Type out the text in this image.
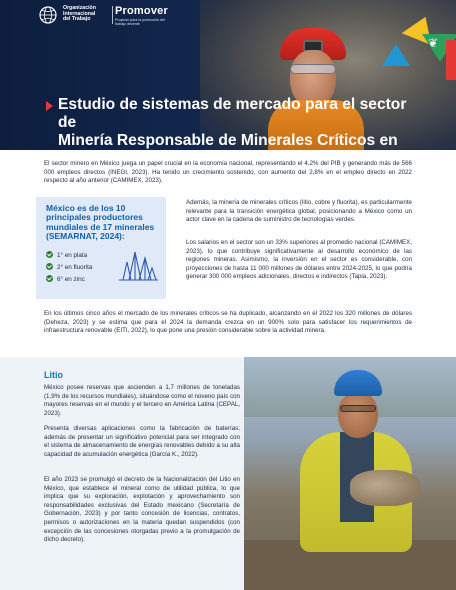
❦
Organización
Internacional
del Trabajo
Promover
Proyecto para la promoción del trabajo decente
Estudio de sistemas de mercado para el sector de
Minería Responsable de Minerales Críticos en
El sector minero en México juega un papel crucial en la economía nacional, representando el 4,2% del PIB y generando más de 566 000 empleos directos (INEGI, 2023). Ha tenido un crecimiento sostenido, con aumento del 2,8% en el empleo directo en 2022 respecto al año anterior (CAMIMEX, 2023).
México es de los 10 principales productores mundiales de 17 minerales (SEMARNAT, 2024):
1° en plata
2° en fluorita
6° en zinc
Además, la minería de minerales críticos (litio, cobre y fluorita), es particularmente relevante para la transición energética global, posicionando a México como un actor clave en la cadena de suministro de tecnologías verdes.
Los salarios en el sector son un 33% superiores al promedio nacional (CAMIMEX, 2023), lo que contribuye significativamente al desarrollo económico de las regiones mineras. Asimismo, la inversión en el sector es considerable, con proyecciones de hasta 11 000 millones de dólares entre 2024-2025, lo que podría generar 300 000 empleos adicionales, directos e indirectos (Tapia, 2023).
En los últimos cinco años el mercado de los minerales críticos se ha duplicado, alcanzando en el 2022 los 320 millones de dólares (Deheza, 2023) y se estima que para el 2024 la demanda crezca en un 900% solo para satisfacer los requerimientos de infraestructura renovable (EITI, 2022), lo que pone una presión considerable sobre la actividad minera.
Litio
México posee reservas que ascienden a 1,7 millones de toneladas (1,9% de los recursos mundiales), situándose como el noveno país con mayores reservas en el mundo y el tercero en América Latina (CEPAL, 2023).
Presenta diversas aplicaciones como la fabricación de baterías; además de presentar un significativo potencial para ser integrado con el sistema de almacenamiento de energías renovables debido a su alta capacidad de acumulación energética (García K., 2022).
El año 2023 se promulgó el decreto de la Nacionalización del Litio en México, que establece el mineral como de utilidad pública, lo que implica que su exploración, explotación y aprovechamiento son responsabilidades exclusivas del Estado mexicano (Secretaría de Gobernación, 2023) y por tanto concesión de licencias, contratos, permisos o autorizaciones en la materia quedan suspendidos (con excepción de las concesiones otorgadas previo a la promulgación de dicho decreto).
